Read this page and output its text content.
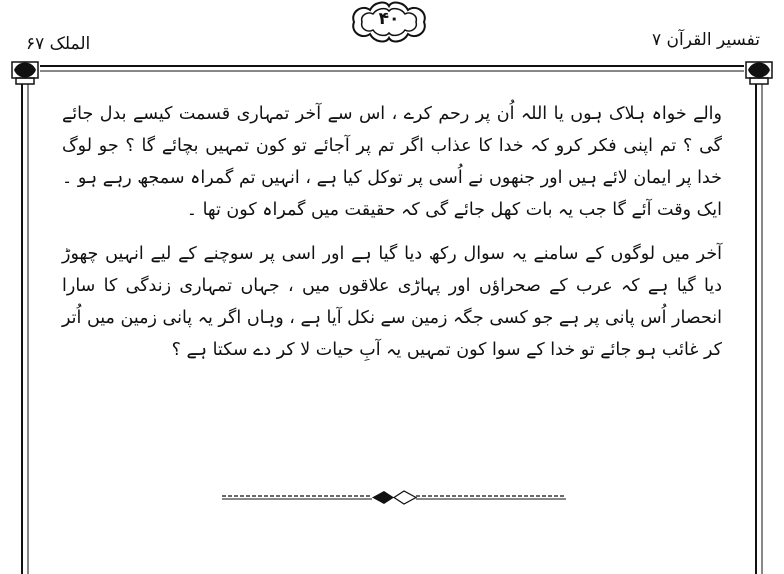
تفسیر القرآن ۷
الملک ۶۷
۴۰

والے خواہ ہلاک ہوں یا اللہ اُن پر رحم کرے ، اس سے آخر تمہاری قسمت کیسے بدل جائے گی ؟ تم اپنی فکر کرو کہ خدا کا عذاب اگر تم پر آجائے تو کون تمہیں بچائے گا ؟ جو لوگ خدا پر ایمان لائے ہیں اور جنھوں نے اُسی پر توکل کیا ہے ، انہیں تم گمراہ سمجھ رہے ہو ۔ ایک وقت آئے گا جب یہ بات کھل جائے گی کہ حقیقت میں گمراہ کون تھا ۔

آخر میں لوگوں کے سامنے یہ سوال رکھ دیا گیا ہے اور اسی پر سوچنے کے لیے انہیں چھوڑ دیا گیا ہے کہ عرب کے صحراؤں اور پہاڑی علاقوں میں ، جہاں تمہاری زندگی کا سارا انحصار اُس پانی پر ہے جو کسی جگہ زمین سے نکل آیا ہے ، وہاں اگر یہ پانی زمین میں اُتر کر غائب ہو جائے تو خدا کے سوا کون تمہیں یہ آبِ حیات لا کر دے سکتا ہے ؟
